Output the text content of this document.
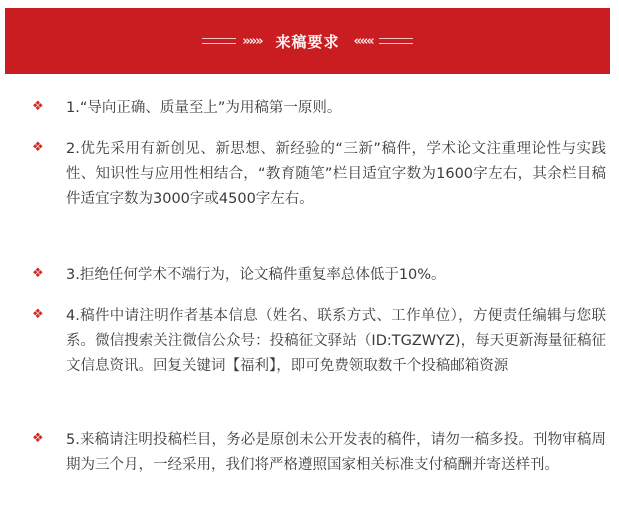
»»» 来稿要求 «««
❖ 1.“导向正确、质量至上”为用稿第一原则。
❖ 2.优先采用有新创见、新思想、新经验的“三新”稿件，学术论文注重理论性与实践性、知识性与应用性相结合，“教育随笔”栏目适宜字数为1600字左右，其余栏目稿件适宜字数为3000字或4500字左右。
❖ 3.拒绝任何学术不端行为，论文稿件重复率总体低于10%。
❖ 4.稿件中请注明作者基本信息（姓名、联系方式、工作单位），方便责任编辑与您联系。微信搜索关注微信公众号：投稿征文驿站（ID:TGZWYZ)，每天更新海量征稿征文信息资讯。回复关键词【福利】，即可免费领取数千个投稿邮箱资源
❖ 5.来稿请注明投稿栏目，务必是原创未公开发表的稿件，请勿一稿多投。刊物审稿周期为三个月，一经采用，我们将严格遵照国家相关标准支付稿酬并寄送样刊。
